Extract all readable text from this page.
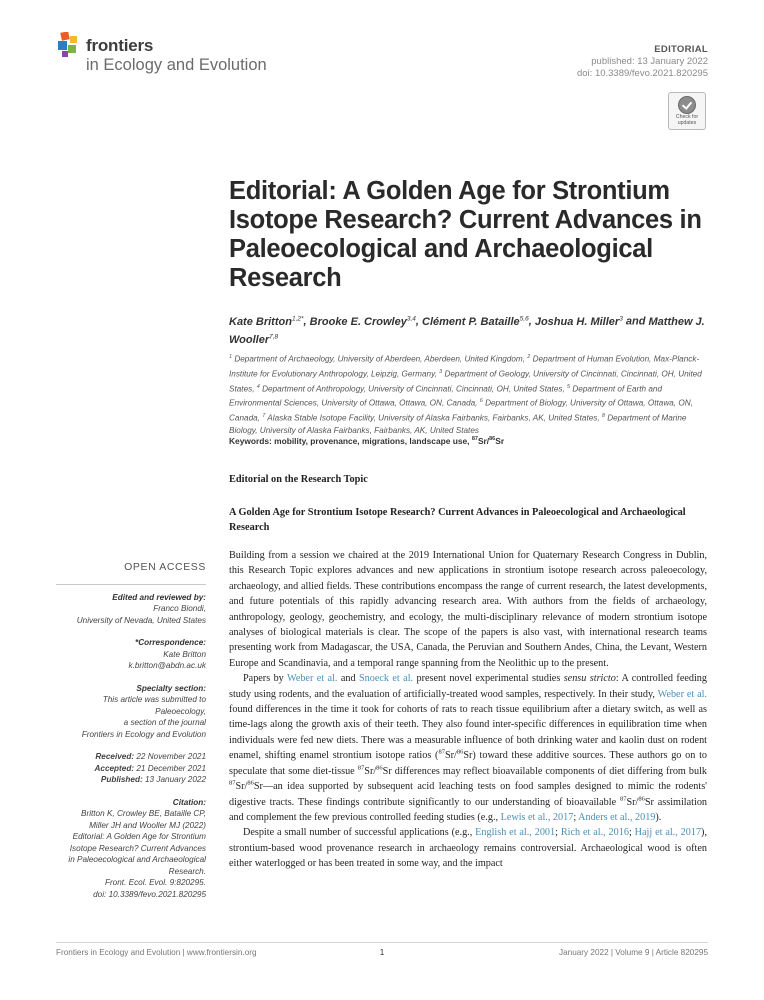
frontiers
in Ecology and Evolution
EDITORIAL
published: 13 January 2022
doi: 10.3389/fevo.2021.820295
Check for
updates
Editorial: A Golden Age for Strontium Isotope Research? Current Advances in Paleoecological and Archaeological Research
Kate Britton$^{1,2*}$, Brooke E. Crowley$^{3,4}$, Clément P. Bataille$^{5,6}$, Joshua H. Miller$^3$ and Matthew J. Wooller$^{7,8}$
$^1$ Department of Archaeology, University of Aberdeen, Aberdeen, United Kingdom, $^2$ Department of Human Evolution, Max-Planck-Institute for Evolutionary Anthropology, Leipzig, Germany, $^3$ Department of Geology, University of Cincinnati, Cincinnati, OH, United States, $^4$ Department of Anthropology, University of Cincinnati, Cincinnati, OH, United States, $^5$ Department of Earth and Environmental Sciences, University of Ottawa, Ottawa, ON, Canada, $^6$ Department of Biology, University of Ottawa, Ottawa, ON, Canada, $^7$ Alaska Stable Isotope Facility, University of Alaska Fairbanks, Fairbanks, AK, United States, $^8$ Department of Marine Biology, University of Alaska Fairbanks, Fairbanks, AK, United States
Keywords: mobility, provenance, migrations, landscape use, $^{87}$Sr/$^{86}$Sr
Editorial on the Research Topic
A Golden Age for Strontium Isotope Research? Current Advances in Paleoecological and Archaeological Research

Building from a session we chaired at the 2019 International Union for Quaternary Research Congress in Dublin, this Research Topic explores advances and new applications in strontium isotope research across paleoecology, archaeology, and allied fields. These contributions encompass the range of current research, the latest developments, and future potentials of this rapidly advancing research area. With authors from the fields of archaeology, anthropology, geology, geochemistry, and ecology, the multi-disciplinary relevance of modern strontium isotope analyses of biological materials is clear. The scope of the papers is also vast, with international research teams presenting work from Madagascar, the USA, Canada, the Peruvian and Southern Andes, China, the Levant, Western Europe and Scandinavia, and a temporal range spanning from the Neolithic up to the present.

Papers by Weber et al. and Snoeck et al. present novel experimental studies sensu stricto: A controlled feeding study using rodents, and the evaluation of artificially-treated wood samples, respectively. In their study, Weber et al. found differences in the time it took for cohorts of rats to reach tissue equilibrium after a dietary switch, as well as time-lags along the growth axis of their teeth. They also found inter-specific differences in equilibration time when individuals were fed new diets. There was a measurable influence of both drinking water and kaolin dust on rodent enamel, shifting enamel strontium isotope ratios ($^{87}$Sr/$^{86}$Sr) toward these additive sources. These authors go on to speculate that some diet-tissue $^{87}$Sr/$^{86}$Sr differences may reflect bioavailable components of diet differing from bulk $^{87}$Sr/$^{86}$Sr—an idea supported by subsequent acid leaching tests on food samples designed to mimic the rodents' digestive tracts. These findings contribute significantly to our understanding of bioavailable $^{87}$Sr/$^{86}$Sr assimilation and complement the few previous controlled feeding studies (e.g., Lewis et al., 2017; Anders et al., 2019).

Despite a small number of successful applications (e.g., English et al., 2001; Rich et al., 2016; Hajj et al., 2017), strontium-based wood provenance research in archaeology remains controversial. Archaeological wood is often either waterlogged or has been treated in some way, and the impact

OPEN ACCESS
Edited and reviewed by:
Franco Biondi,
University of Nevada, United States
*Correspondence:
Kate Britton
k.britton@abdn.ac.uk
Specialty section:
This article was submitted to
Paleoecology,
a section of the journal
Frontiers in Ecology and Evolution
Received: 22 November 2021
Accepted: 21 December 2021
Published: 13 January 2022
Citation:
Britton K, Crowley BE, Bataille CP,
Miller JH and Wooller MJ (2022)
Editorial: A Golden Age for Strontium
Isotope Research? Current Advances
in Paleoecological and Archaeological
Research.
Front. Ecol. Evol. 9:820295.
doi: 10.3389/fevo.2021.820295
Frontiers in Ecology and Evolution | www.frontiersin.org	1	January 2022 | Volume 9 | Article 820295
